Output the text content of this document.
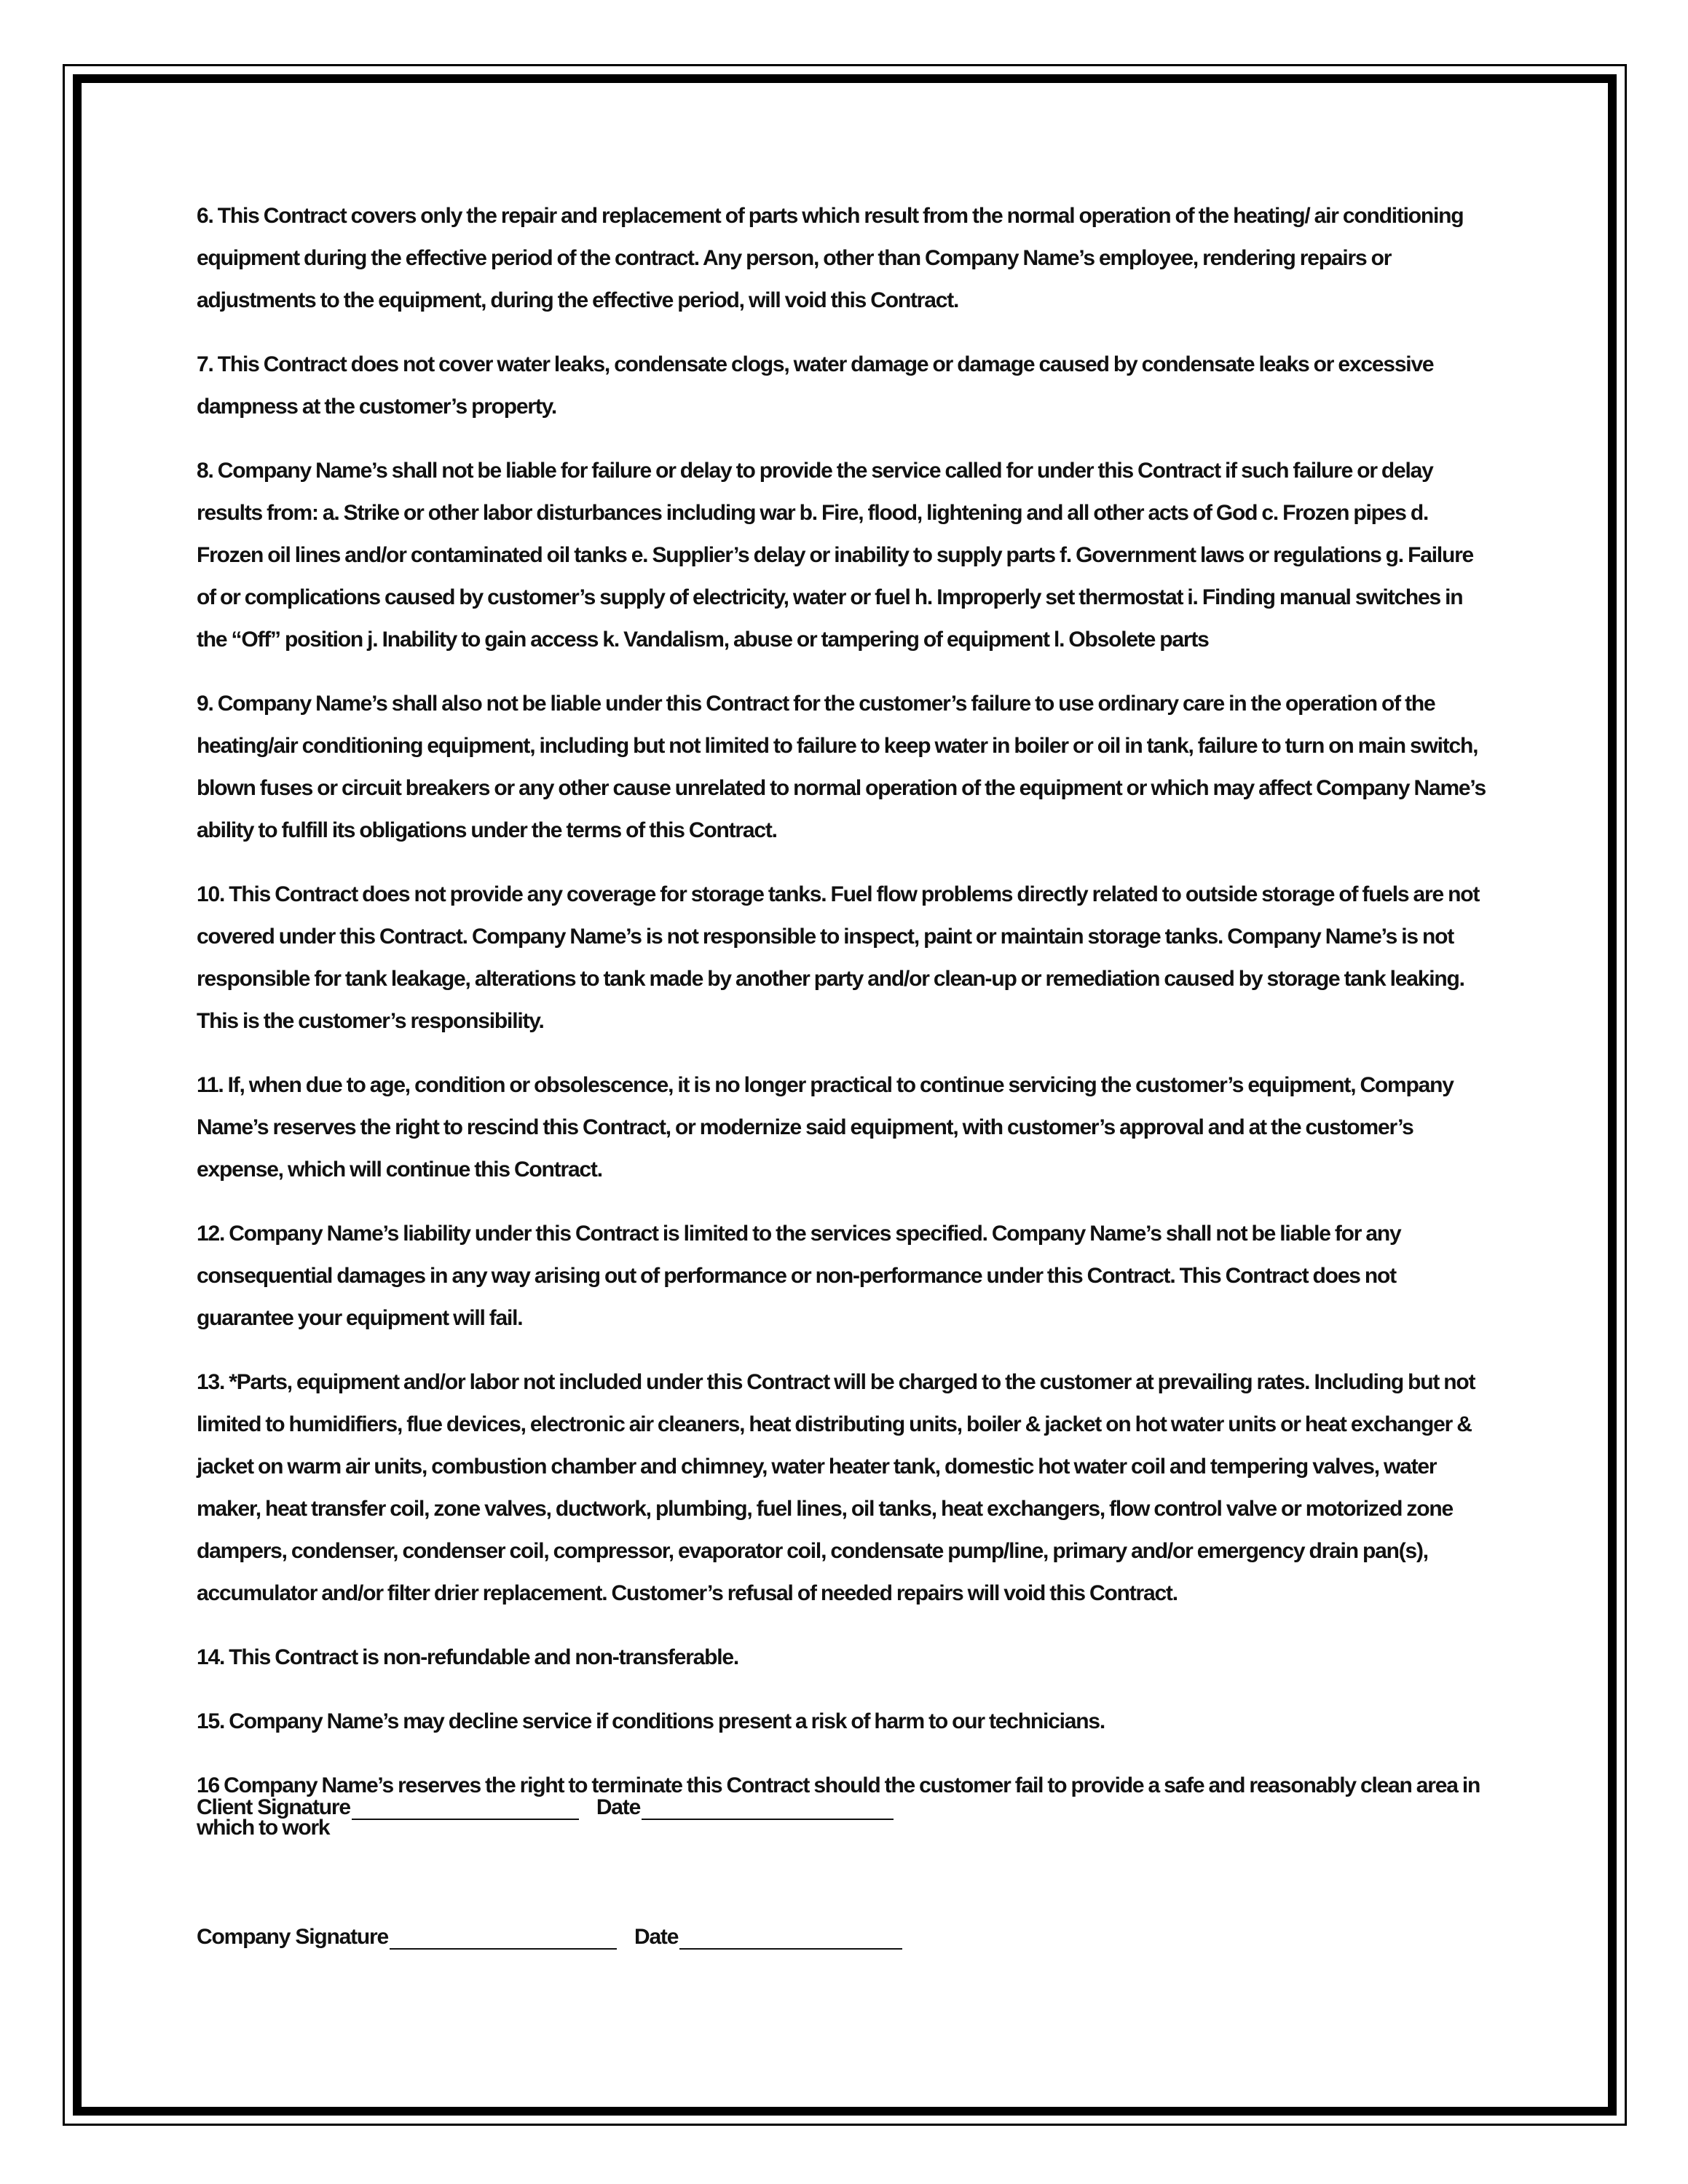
6. This Contract covers only the repair and replacement of parts which result from the normal operation of the heating/ air conditioning equipment during the effective period of the contract. Any person, other than Company Name’s employee, rendering repairs or adjustments to the equipment, during the effective period, will void this Contract.

7. This Contract does not cover water leaks, condensate clogs, water damage or damage caused by condensate leaks or excessive dampness at the customer’s property.

8. Company Name’s shall not be liable for failure or delay to provide the service called for under this Contract if such failure or delay results from: a. Strike or other labor disturbances including war b. Fire, flood, lightening and all other acts of God c. Frozen pipes d. Frozen oil lines and/or contaminated oil tanks e. Supplier’s delay or inability to supply parts f. Government laws or regulations g. Failure of or complications caused by customer’s supply of electricity, water or fuel h. Improperly set thermostat i. Finding manual switches in the “Off” position j. Inability to gain access k. Vandalism, abuse or tampering of equipment l. Obsolete parts

9. Company Name’s shall also not be liable under this Contract for the customer’s failure to use ordinary care in the operation of the heating/air conditioning equipment, including but not limited to failure to keep water in boiler or oil in tank, failure to turn on main switch, blown fuses or circuit breakers or any other cause unrelated to normal operation of the equipment or which may affect Company Name’s ability to fulfill its obligations under the terms of this Contract.

10. This Contract does not provide any coverage for storage tanks. Fuel flow problems directly related to outside storage of fuels are not covered under this Contract. Company Name’s is not responsible to inspect, paint or maintain storage tanks. Company Name’s is not responsible for tank leakage, alterations to tank made by another party and/or clean-up or remediation caused by storage tank leaking. This is the customer’s responsibility.

11. If, when due to age, condition or obsolescence, it is no longer practical to continue servicing the customer’s equipment, Company Name’s reserves the right to rescind this Contract, or modernize said equipment, with customer’s approval and at the customer’s expense, which will continue this Contract.

12. Company Name’s liability under this Contract is limited to the services specified. Company Name’s shall not be liable for any consequential damages in any way arising out of performance or non-performance under this Contract. This Contract does not guarantee your equipment will fail.

13. *Parts, equipment and/or labor not included under this Contract will be charged to the customer at prevailing rates. Including but not limited to humidifiers, flue devices, electronic air cleaners, heat distributing units, boiler & jacket on hot water units or heat exchanger & jacket on warm air units, combustion chamber and chimney, water heater tank, domestic hot water coil and tempering valves, water maker, heat transfer coil, zone valves, ductwork, plumbing, fuel lines, oil tanks, heat exchangers, flow control valve or motorized zone dampers, condenser, condenser coil, compressor, evaporator coil, condensate pump/line, primary and/or emergency drain pan(s), accumulator and/or filter drier replacement. Customer’s refusal of needed repairs will void this Contract.

14. This Contract is non-refundable and non-transferable.

15. Company Name’s may decline service if conditions present a risk of harm to our technicians.

16 Company Name’s reserves the right to terminate this Contract should the customer fail to provide a safe and reasonably clean area in which to work

Client Signature	Date
Company Signature	Date
